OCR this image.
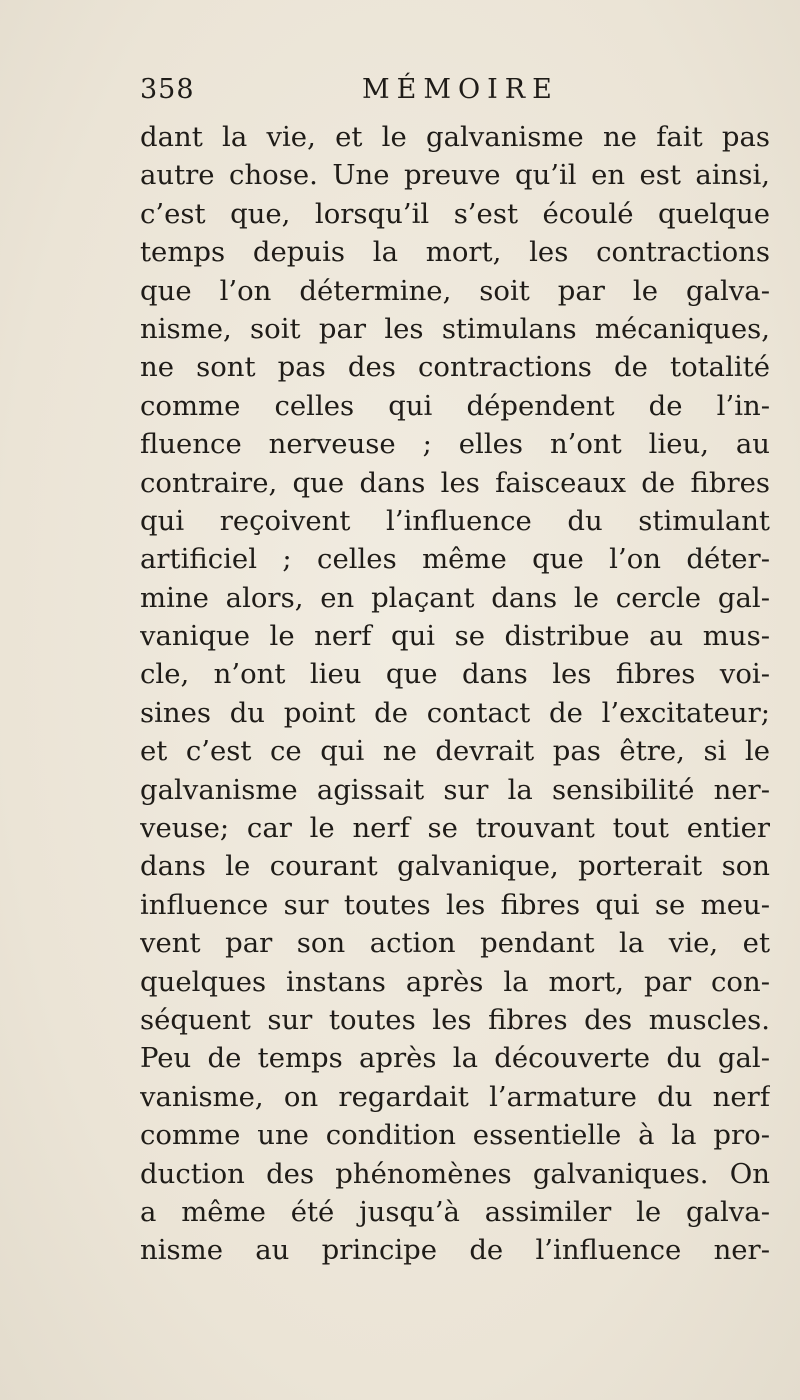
358	MÉMOIRE
dant la vie, et le galvanisme ne fait pas
autre chose. Une preuve qu’il en est ainsi,
c’est que, lorsqu’il s’est écoulé quelque
temps depuis la mort, les contractions
que l’on détermine, soit par le galva-
nisme, soit par les stimulans mécaniques,
ne sont pas des contractions de totalité
comme celles qui dépendent de l’in-
fluence nerveuse ; elles n’ont lieu, au
contraire, que dans les faisceaux de fibres
qui reçoivent l’influence du stimulant
artificiel ; celles même que l’on déter-
mine alors, en plaçant dans le cercle gal-
vanique le nerf qui se distribue au mus-
cle, n’ont lieu que dans les fibres voi-
sines du point de contact de l’excitateur;
et c’est ce qui ne devrait pas être, si le
galvanisme agissait sur la sensibilité ner-
veuse; car le nerf se trouvant tout entier
dans le courant galvanique, porterait son
influence sur toutes les fibres qui se meu-
vent par son action pendant la vie, et
quelques instans après la mort, par con-
séquent sur toutes les fibres des muscles.
Peu de temps après la découverte du gal-
vanisme, on regardait l’armature du nerf
comme une condition essentielle à la pro-
duction des phénomènes galvaniques. On
a même été jusqu’à assimiler le galva-
nisme au principe de l’influence ner-
